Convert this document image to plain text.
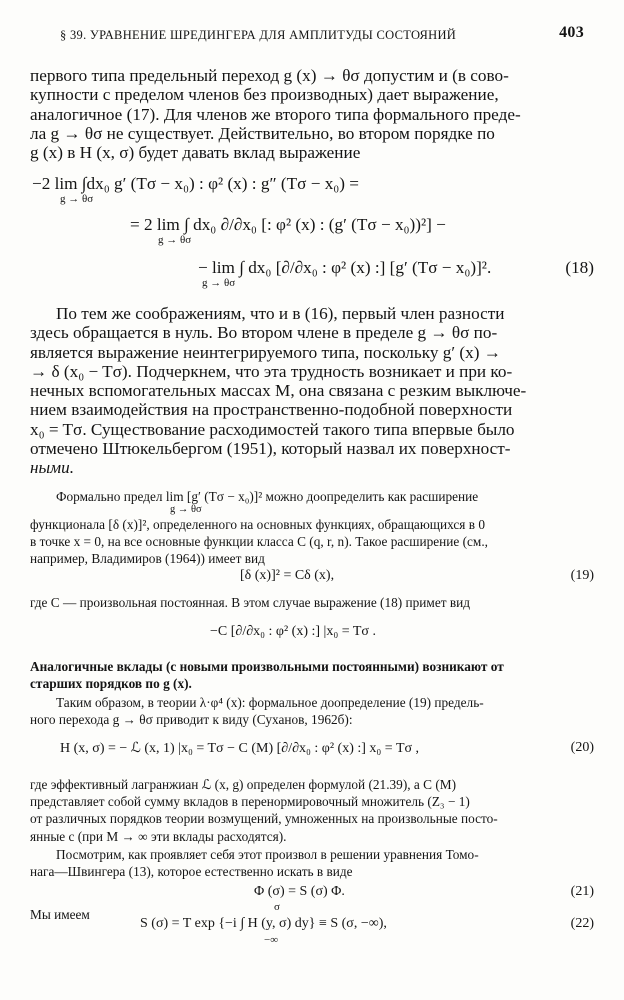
§ 39. УРАВНЕНИЕ ШРЕДИНГЕРА ДЛЯ АМПЛИТУДЫ СОСТОЯНИЙ	403
первого типа предельный переход g (x) → θσ допустим и (в сово-
купности с пределом членов без производных) дает выражение,
аналогичное (17). Для членов же второго типа формального преде-
ла g → θσ не существует. Действительно, во втором порядке по
g (x) в H (x, σ) будет давать вклад выражение
−2 lim ∫dx₀ g′ (Tσ − x₀) : φ² (x) : g″ (Tσ − x₀) =
g → θσ
= 2 lim ∫ dx₀ ∂/∂x₀ [: φ² (x) : (g′ (Tσ − x₀))²] −
g → θσ
− lim ∫ dx₀ [∂/∂x₀ : φ² (x) :] [g′ (Tσ − x₀)]².
g → θσ
(18)
По тем же соображениям, что и в (16), первый член разности
здесь обращается в нуль. Во втором члене в пределе g → θσ по-
является выражение неинтегрируемого типа, поскольку g′ (x) →
→ δ (x₀ − Tσ). Подчеркнем, что эта трудность возникает и при ко-
нечных вспомогательных массах M, она связана с резким выключе-
нием взаимодействия на пространственно-подобной поверхности
x₀ = Tσ. Существование расходимостей такого типа впервые было
отмечено Штюкельбергом (1951), который назвал их поверхност-
ными.
Формально предел lim [g′ (Tσ − x₀)]² можно доопределить как расширение
g → θσ
функционала [δ (x)]², определенного на основных функциях, обращающихся в 0
в точке x = 0, на все основные функции класса C (q, r, n). Такое расширение (см.,
например, Владимиров (1964)) имеет вид
[δ (x)]² = Cδ (x),	(19)
где C — произвольная постоянная. В этом случае выражение (18) примет вид
−C [∂/∂x₀ : φ² (x) :] |x₀ = Tσ .
Аналогичные вклады (с новыми произвольными постоянными) возникают от
старших порядков по g (x).
Таким образом, в теории λ·φ⁴ (x): формальное доопределение (19) предель-
ного перехода g → θσ приводит к виду (Суханов, 1962б):
H (x, σ) = − ℒ (x, 1) |x₀ = Tσ − C (M) [∂/∂x₀ : φ² (x) :] x₀ = Tσ ,	(20)
где эффективный лагранжиан ℒ (x, g) определен формулой (21.39), а C (M)
представляет собой сумму вкладов в перенормировочный множитель (Z₃ − 1)
от различных порядков теории возмущений, умноженных на произвольные посто-
янные c (при M → ∞ эти вклады расходятся).
Посмотрим, как проявляет себя этот произвол в решении уравнения Томо-
нага—Швингера (13), которое естественно искать в виде
Φ (σ) = S (σ) Φ.	(21)
Мы имеем	σ
S (σ) = T exp {−i ∫ H (y, σ) dy} ≡ S (σ, −∞),
−∞
(22)
